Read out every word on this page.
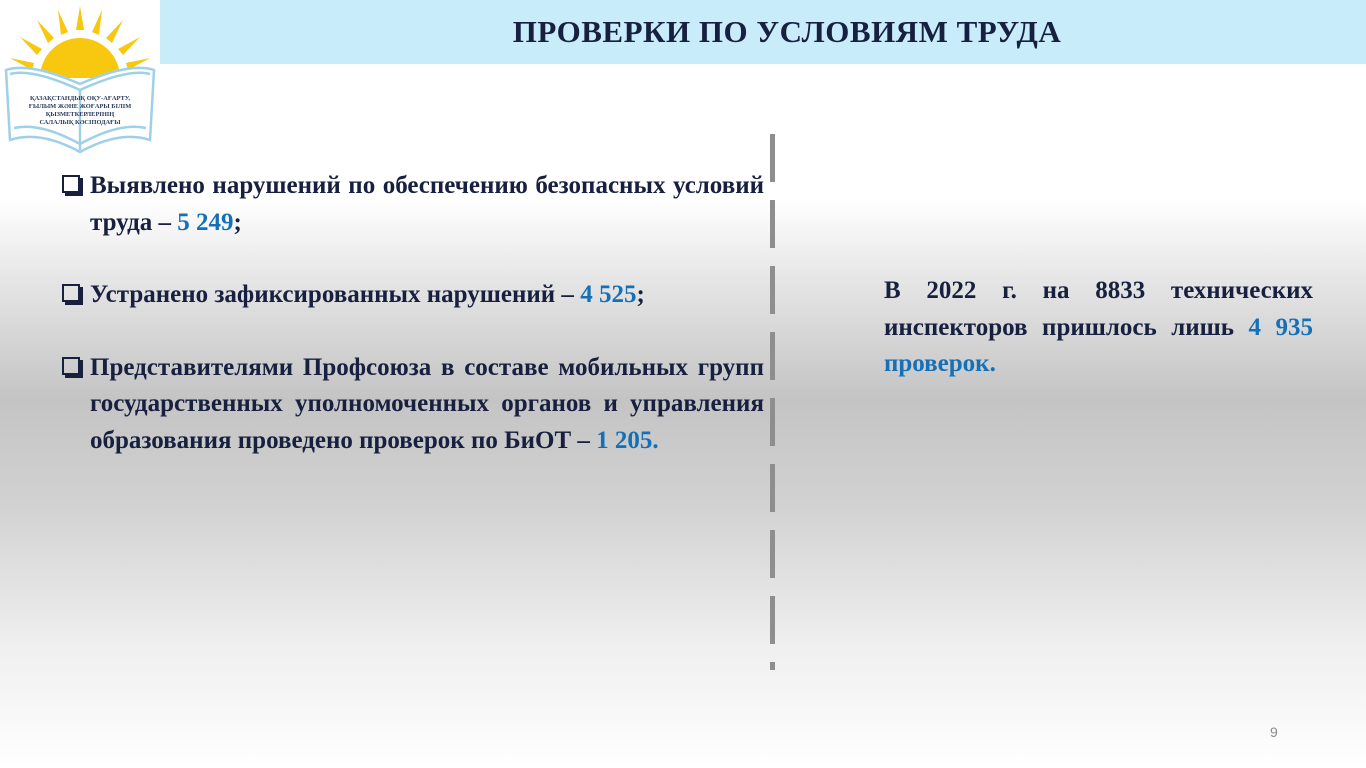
ПРОВЕРКИ ПО УСЛОВИЯМ ТРУДА
ҚАЗАҚСТАНДЫҚ ОҚУ-АҒАРТУ,
ҒЫЛЫМ ЖӘНЕ ЖОҒАРЫ БІЛІМ
ҚЫЗМЕТКЕРЛЕРІНІҢ
САЛАЛЫҚ КӘСІПОДАҒЫ
Выявлено нарушений по обеспечению безопасных условий труда – 5 249;
Устранено зафиксированных нарушений – 4 525;
Представителями Профсоюза в составе мобильных групп государственных уполномоченных органов и управления образования проведено проверок по БиОТ – 1 205.
В 2022 г. на 8833 технических инспекторов пришлось лишь 4 935 проверок.
9
